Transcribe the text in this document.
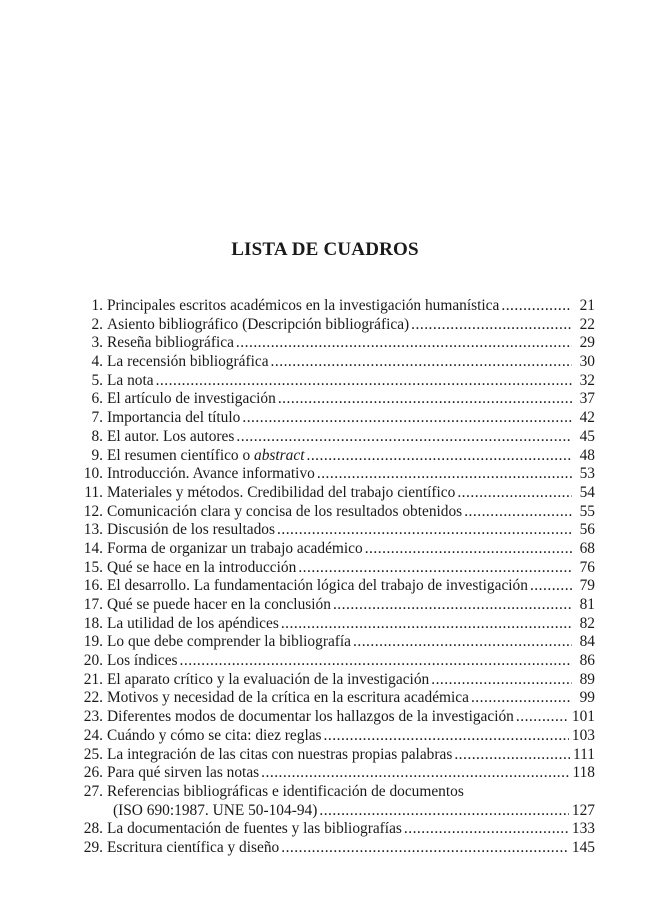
LISTA DE CUADROS
1. Principales escritos académicos en la investigación humanística .....	21
2. Asiento bibliográfico (Descripción bibliográfica) .....	22
3. Reseña bibliográfica .....	29
4. La recensión bibliográfica .....	30
5. La nota .....	32
6. El artículo de investigación .....	37
7. Importancia del título .....	42
8. El autor. Los autores .....	45
9. El resumen científico o abstract .....	48
10. Introducción. Avance informativo .....	53
11. Materiales y métodos. Credibilidad del trabajo científico .....	54
12. Comunicación clara y concisa de los resultados obtenidos .....	55
13. Discusión de los resultados .....	56
14. Forma de organizar un trabajo académico .....	68
15. Qué se hace en la introducción .....	76
16. El desarrollo. La fundamentación lógica del trabajo de investigación .....	79
17. Qué se puede hacer en la conclusión .....	81
18. La utilidad de los apéndices .....	82
19. Lo que debe comprender la bibliografía .....	84
20. Los índices .....	86
21. El aparato crítico y la evaluación de la investigación .....	89
22. Motivos y necesidad de la crítica en la escritura académica .....	99
23. Diferentes modos de documentar los hallazgos de la investigación .....	101
24. Cuándo y cómo se cita: diez reglas .....	103
25. La integración de las citas con nuestras propias palabras .....	111
26. Para qué sirven las notas .....	118
27. Referencias bibliográficas e identificación de documentos
(ISO 690:1987. UNE 50-104-94) .....	127
28. La documentación de fuentes y las bibliografías .....	133
29. Escritura científica y diseño .....	145
